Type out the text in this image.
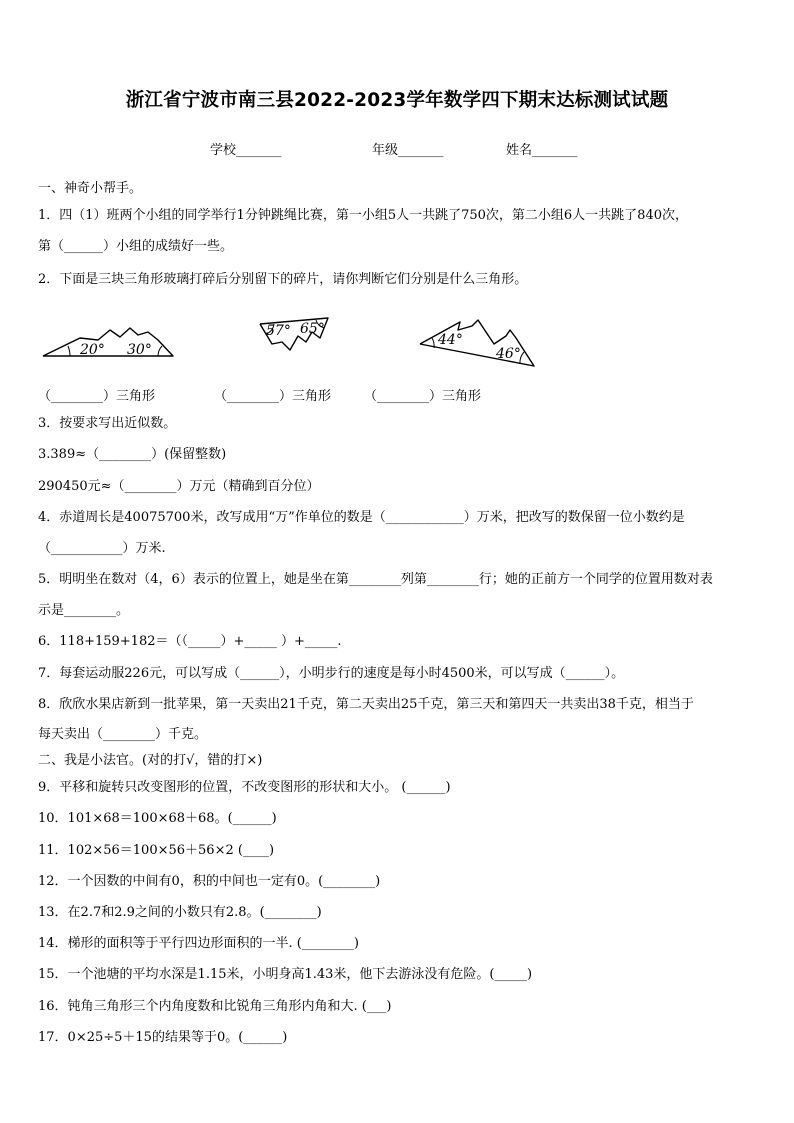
浙江省宁波市南三县2022-2023学年数学四下期末达标测试试题
学校_______	年级_______	姓名_______
一、神奇小帮手。
1．四（1）班两个小组的同学举行1分钟跳绳比赛，第一小组5人一共跳了750次，第二小组6人一共跳了840次，
第（______）小组的成绩好一些。
2．下面是三块三角形玻璃打碎后分别留下的碎片，请你判断它们分别是什么三角形。
20° 30°
57° 65°
44°
46°
（________）三角形	（________）三角形	（________）三角形
3．按要求写出近似数。
3.389≈（________）(保留整数)
290450元≈（________）万元（精确到百分位）
4．赤道周长是40075700米，改写成用“万”作单位的数是（____________）万米，把改写的数保留一位小数约是
（___________）万米.
5．明明坐在数对（4，6）表示的位置上，她是坐在第________列第________行；她的正前方一个同学的位置用数对表
示是________。
6．118+159+182＝（（_____）+_____ ）+_____.
7．每套运动服226元，可以写成（______），小明步行的速度是每小时4500米，可以写成（______）。
8．欣欣水果店新到一批苹果，第一天卖出21千克，第二天卖出25千克，第三天和第四天一共卖出38千克，相当于
每天卖出（________）千克。
二、我是小法官。(对的打√，错的打×)
9．平移和旋转只改变图形的位置，不改变图形的形状和大小。 (______)
10．101×68＝100×68＋68。(______)
11．102×56＝100×56＋56×2 (____)
12．一个因数的中间有0，积的中间也一定有0。(________)
13．在2.7和2.9之间的小数只有2.8。(________)
14．梯形的面积等于平行四边形面积的一半. (________)
15．一个池塘的平均水深是1.15米，小明身高1.43米，他下去游泳没有危险。(_____)
16．钝角三角形三个内角度数和比锐角三角形内角和大. (___)
17．0×25÷5＋15的结果等于0。(______)
